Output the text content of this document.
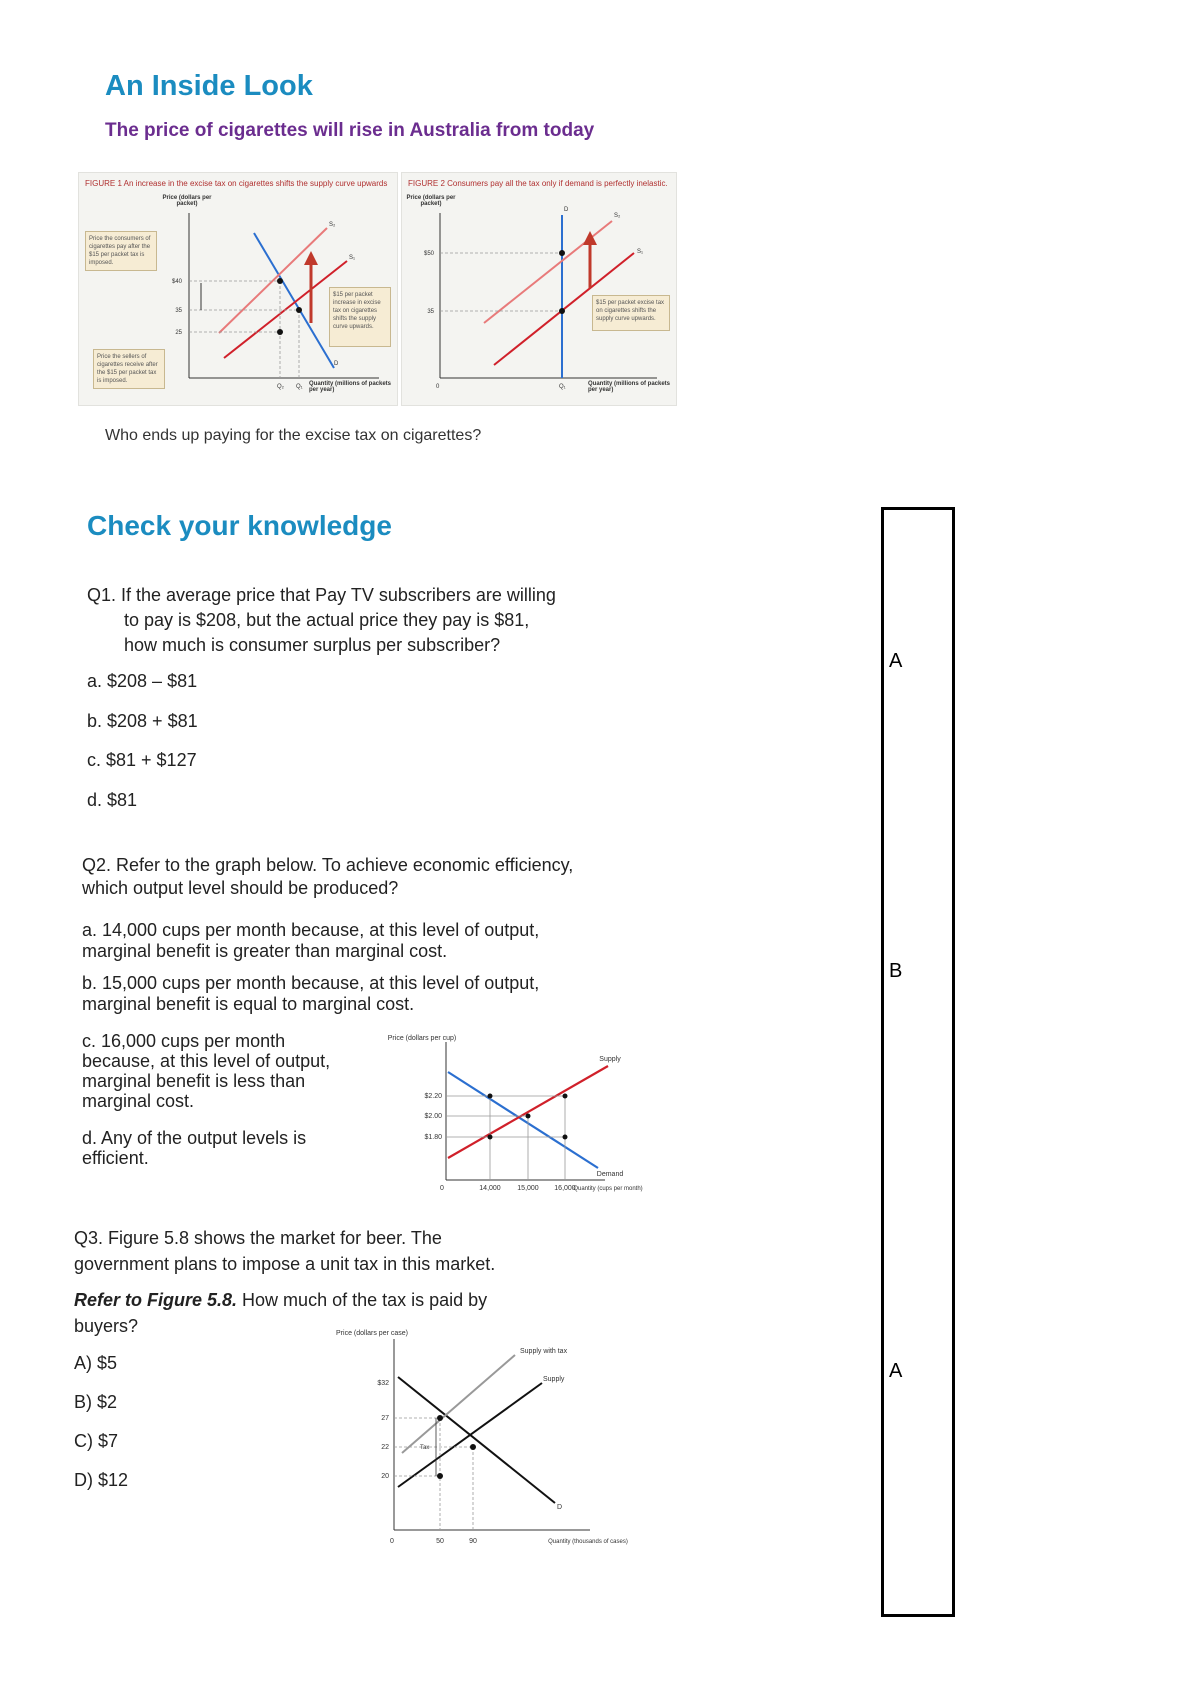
An Inside Look
The price of cigarettes will rise in Australia from today
FIGURE 1 An increase in the excise tax on cigarettes shifts the supply curve upwards
$40
35
25
Q₂ Q₁
S₂
S₁
D
Price (dollars per packet)
Quantity (millions of packets per year)
Price the consumers of cigarettes pay after the $15 per packet tax is imposed.
$15 per packet increase in excise tax on cigarettes shifts the supply curve upwards.
Price the sellers of cigarettes receive after the $15 per packet tax is imposed.
FIGURE 2 Consumers pay all the tax only if demand is perfectly inelastic.
$50
35
0	Q₁
D
S₂
S₁
Price (dollars per packet)
Quantity (millions of packets per year)
$15 per packet excise tax on cigarettes shifts the supply curve upwards.
Who ends up paying for the excise tax on cigarettes?
Check your knowledge
Q1. If the average price that Pay TV subscribers are willing
to pay is $208, but the actual price they pay is $81,
how much is consumer surplus per subscriber?
a. $208 – $81
b. $208 + $81
c. $81 + $127
d. $81
Q2. Refer to the graph below. To achieve economic efficiency,
which output level should be produced?
a. 14,000 cups per month because, at this level of output,
marginal benefit is greater than marginal cost.
b. 15,000 cups per month because, at this level of output,
marginal benefit is equal to marginal cost.
c. 16,000 cups per month
because, at this level of output,
marginal benefit is less than
marginal cost.
d. Any of the output levels is
efficient.
Price (dollars per cup)
$2.20
$2.00
$1.80
0	14,000 15,000 16,000
Quantity (cups per month)
Supply
Demand
Q3. Figure 5.8 shows the market for beer. The
government plans to impose a unit tax in this market.
Refer to Figure 5.8. How much of the tax is paid by
buyers?
A) $5
B) $2
C) $7
D) $12
Price (dollars per case)
$32
27
22
20
0	50	90	Quantity (thousands of cases)
Supply with tax
Supply
D
Tax
A
B
A
